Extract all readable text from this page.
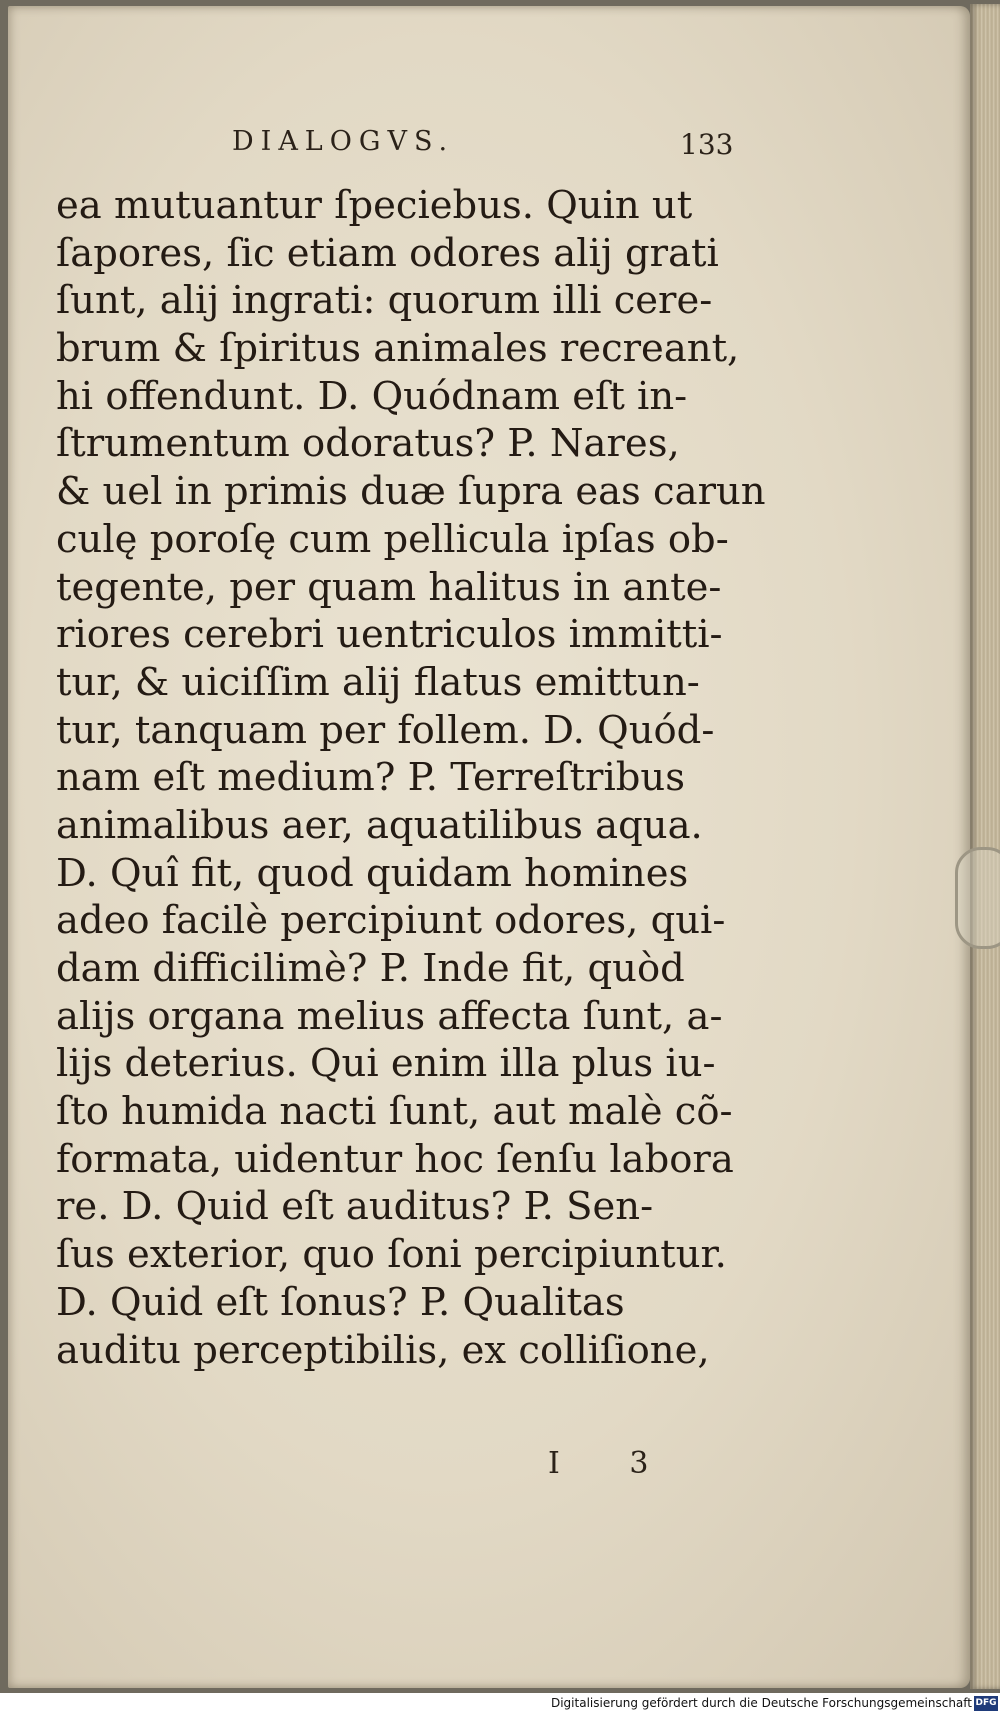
DIALOGVS.	133
ea mutuantur ſpeciebus. Quin ut
ſapores, ſic etiam odores alij grati
ſunt, alij ingrati: quorum illi cere-
brum & ſpiritus animales recreant,
hi offendunt. D. Quódnam eſt in-
ſtrumentum odoratus? P. Nares,
& uel in primis duæ ſupra eas carun
culę poroſę cum pellicula ipſas ob-
tegente, per quam halitus in ante-
riores cerebri uentriculos immitti-
tur, & uiciſſim alij flatus emittun-
tur, tanquam per follem. D. Quód-
nam eſt medium? P. Terreſtribus
animalibus aer, aquatilibus aqua.
D. Quî fit, quod quidam homines
adeo facilè percipiunt odores, qui-
dam difficilimè? P. Inde fit, quòd
alijs organa melius affecta ſunt, a-
lijs deterius. Qui enim illa plus iu-
ſto humida nacti ſunt, aut malè cõ-
formata, uidentur hoc ſenſu labora
re. D. Quid eſt auditus? P. Sen-
ſus exterior, quo ſoni percipiuntur.
D. Quid eſt ſonus? P. Qualitas
auditu perceptibilis, ex colliſione,
I 3
Digitalisierung gefördert durch die Deutsche Forschungsgemeinschaft DFG
